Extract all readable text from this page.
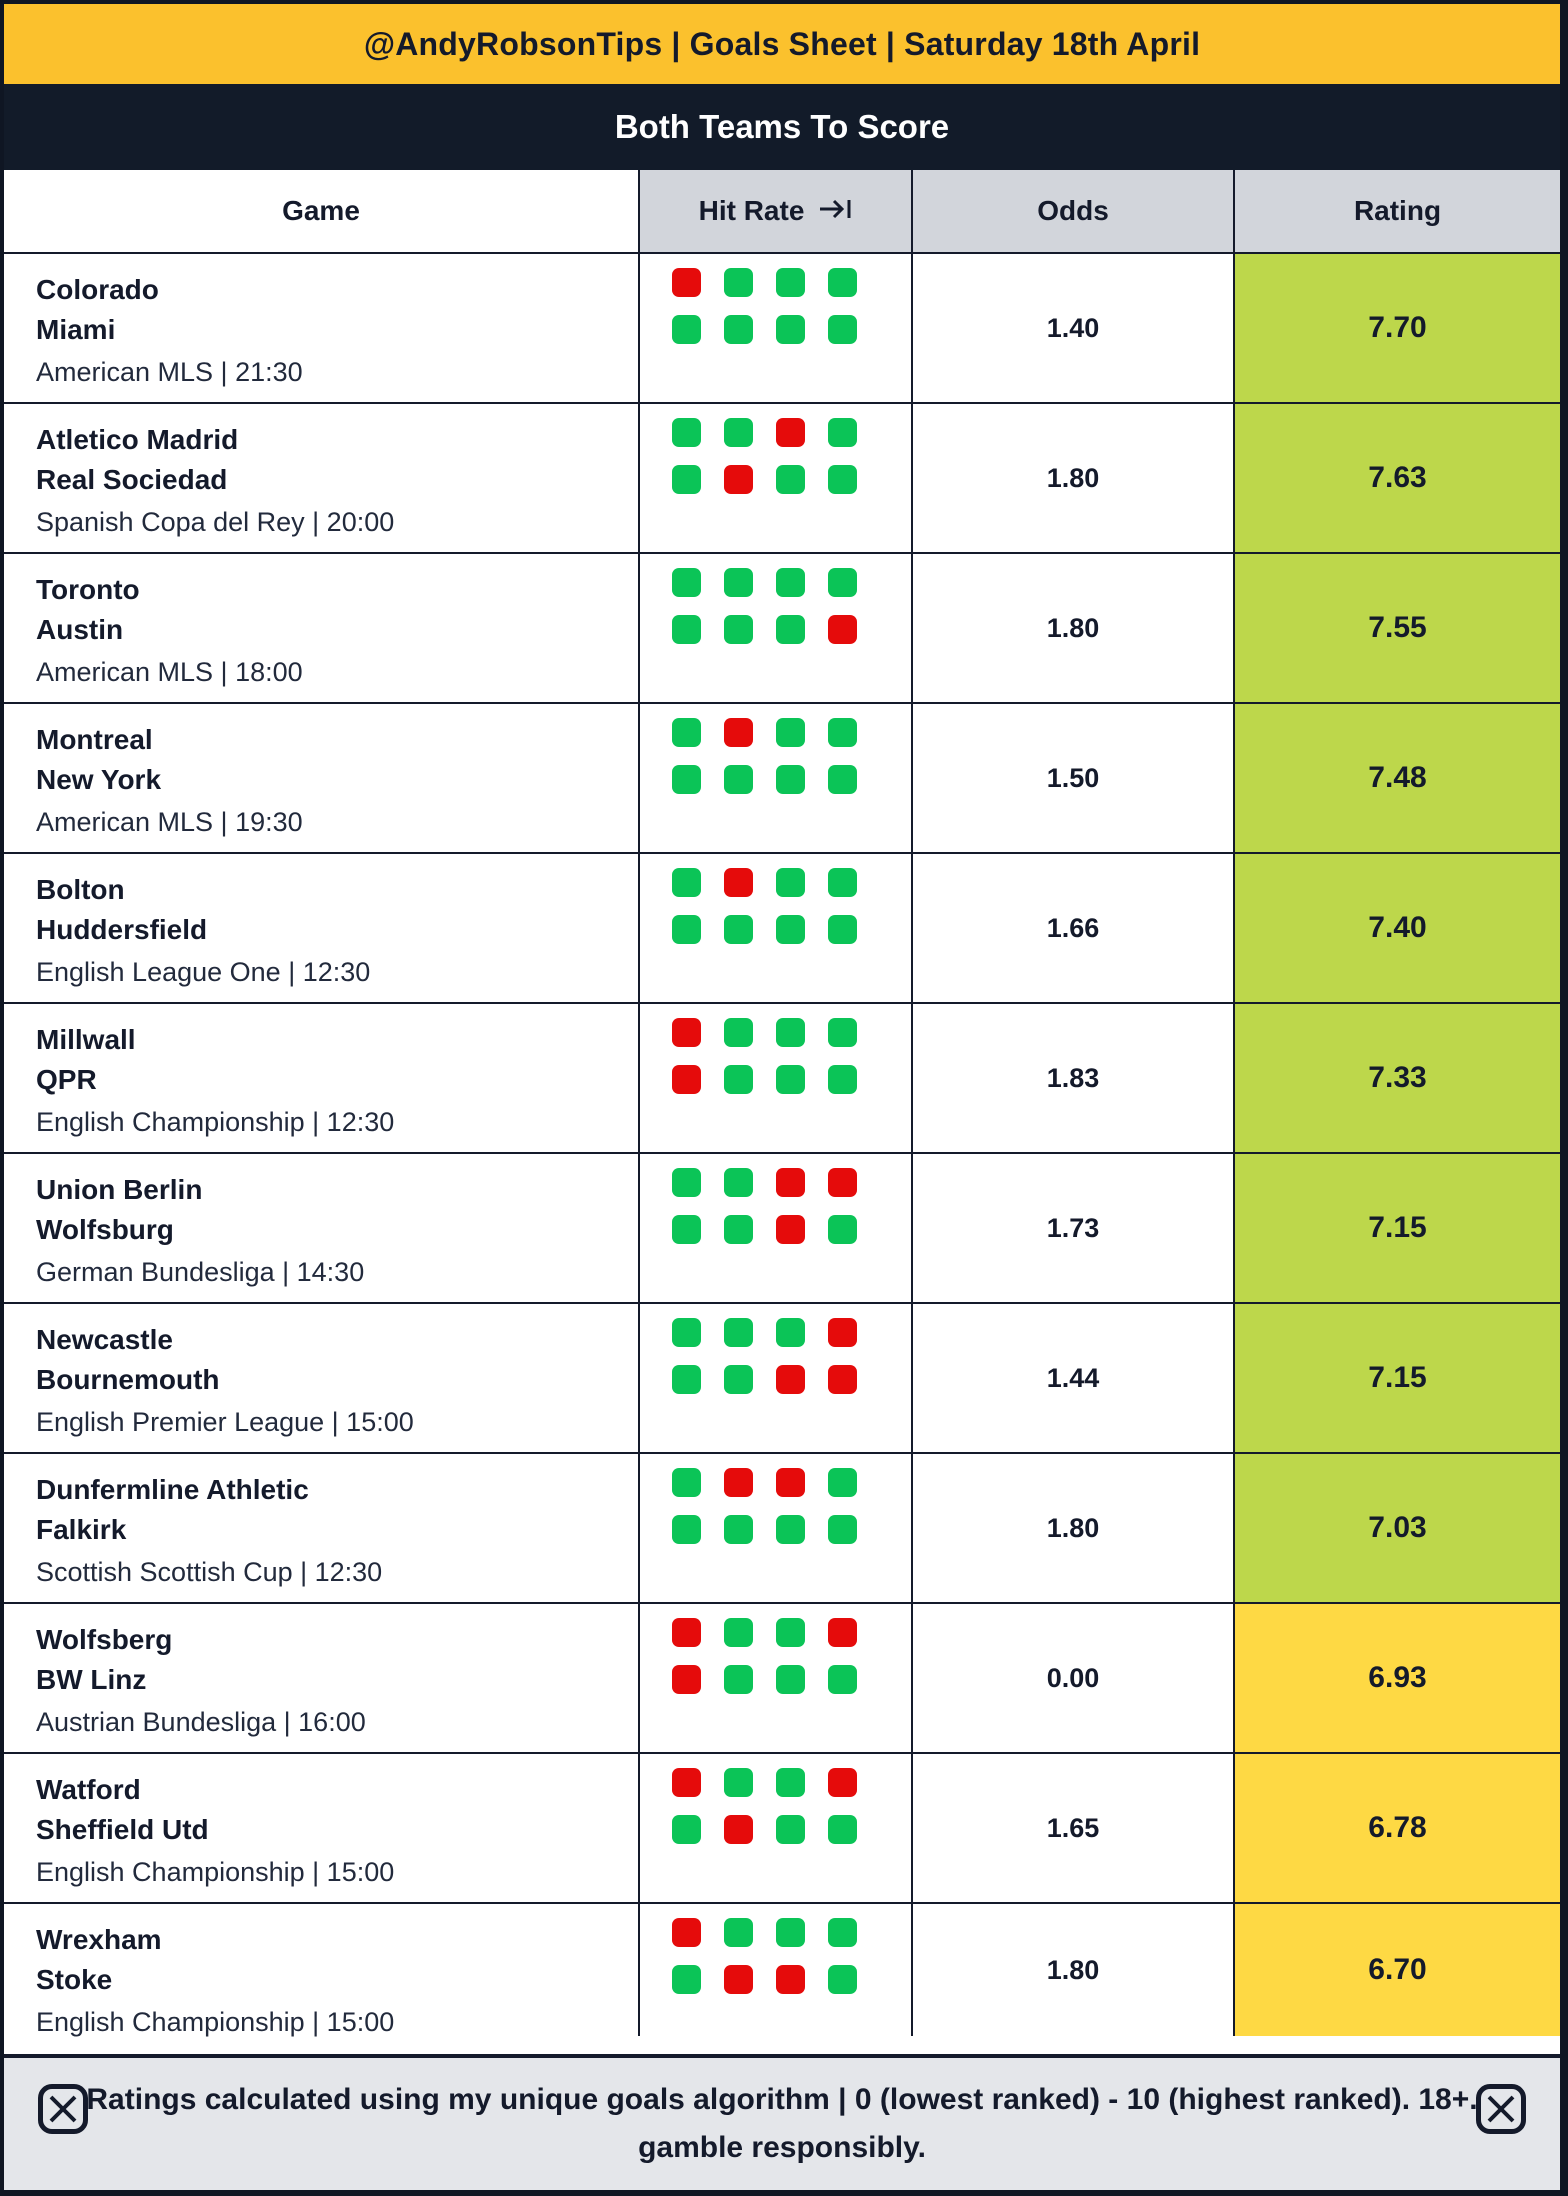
@AndyRobsonTips | Goals Sheet | Saturday 18th April
Both Teams To Score
Game	Hit Rate	Odds	Rating
Colorado
Miami
American MLS | 21:30
1.40	7.70
Atletico Madrid
Real Sociedad
Spanish Copa del Rey | 20:00
1.80	7.63
Toronto
Austin
American MLS | 18:00
1.80	7.55
Montreal
New York
American MLS | 19:30
1.50	7.48
Bolton
Huddersfield
English League One | 12:30
1.66	7.40
Millwall
QPR
English Championship | 12:30
1.83	7.33
Union Berlin
Wolfsburg
German Bundesliga | 14:30
1.73	7.15
Newcastle
Bournemouth
English Premier League | 15:00
1.44	7.15
Dunfermline Athletic
Falkirk
Scottish Scottish Cup | 12:30
1.80	7.03
Wolfsberg
BW Linz
Austrian Bundesliga | 16:00
0.00	6.93
Watford
Sheffield Utd
English Championship | 15:00
1.65	6.78
Wrexham
Stoke
English Championship | 15:00
1.80	6.70
Ratings calculated using my unique goals algorithm | 0 (lowest ranked) - 10 (highest ranked). 18+. gamble responsibly.
